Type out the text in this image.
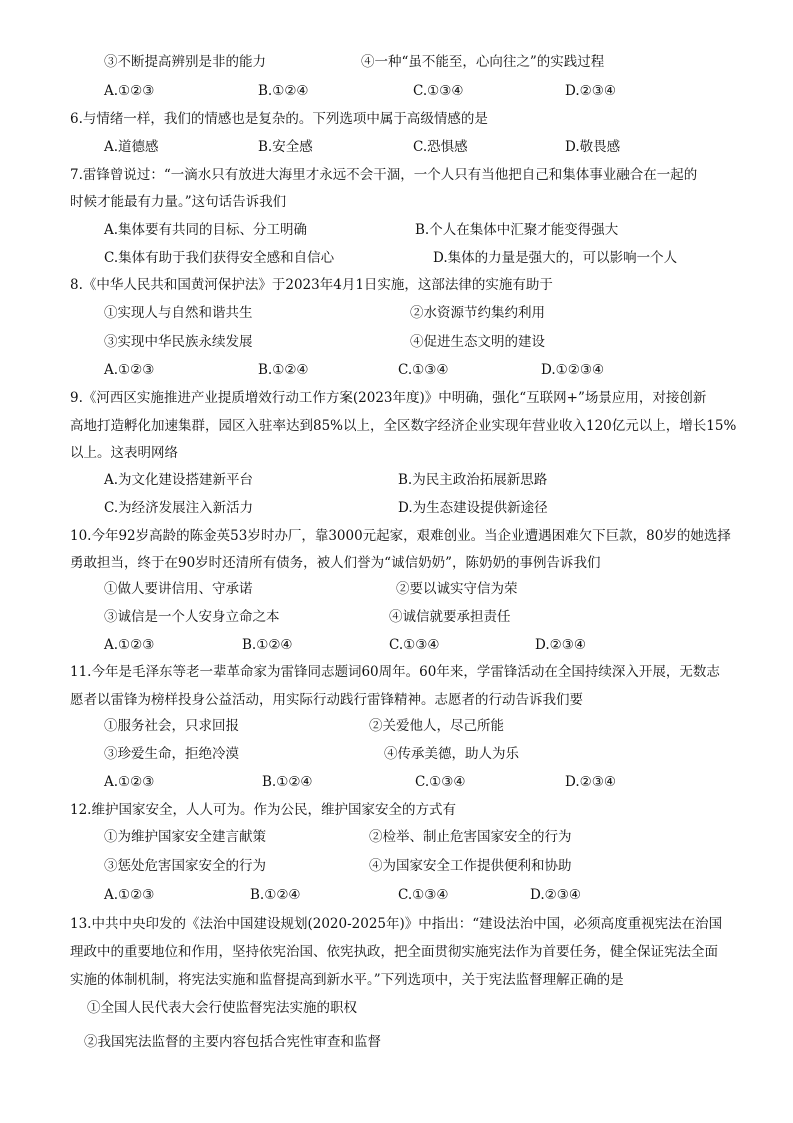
③不断提高辨别是非的能力	④一种“虽不能至，心向往之”的实践过程
A.①②③	B.①②④	C.①③④	D.②③④
6.与情绪一样，我们的情感也是复杂的。下列选项中属于高级情感的是
A.道德感	B.安全感	C.恐惧感	D.敬畏感
7.雷锋曾说过：“一滴水只有放进大海里才永远不会干涸，一个人只有当他把自己和集体事业融合在一起的
时候才能最有力量。”这句话告诉我们
A.集体要有共同的目标、分工明确	B.个人在集体中汇聚才能变得强大
C.集体有助于我们获得安全感和自信心	D.集体的力量是强大的，可以影响一个人
8.《中华人民共和国黄河保护法》于2023年4月1日实施，这部法律的实施有助于
①实现人与自然和谐共生	②水资源节约集约利用
③实现中华民族永续发展	④促进生态文明的建设
A.①②③	B.①②④	C.①③④	D.①②③④
9.《河西区实施推进产业提质增效行动工作方案(2023年度)》中明确，强化“互联网+”场景应用，对接创新
高地打造孵化加速集群，园区入驻率达到85%以上，全区数字经济企业实现年营业收入120亿元以上，增长15%
以上。这表明网络
A.为文化建设搭建新平台	B.为民主政治拓展新思路
C.为经济发展注入新活力	D.为生态建设提供新途径
10.今年92岁高龄的陈金英53岁时办厂，靠3000元起家，艰难创业。当企业遭遇困难欠下巨款，80岁的她选择
勇敢担当，终于在90岁时还清所有债务，被人们誉为“诚信奶奶”，陈奶奶的事例告诉我们
①做人要讲信用、守承诺	②要以诚实守信为荣
③诚信是一个人安身立命之本	④诚信就要承担责任
A.①②③	B.①②④	C.①③④	D.②③④
11.今年是毛泽东等老一辈革命家为雷锋同志题词60周年。60年来，学雷锋活动在全国持续深入开展，无数志
愿者以雷锋为榜样投身公益活动，用实际行动践行雷锋精神。志愿者的行动告诉我们要
①服务社会，只求回报	②关爱他人，尽己所能
③珍爱生命，拒绝冷漠	④传承美德，助人为乐
A.①②③	B.①②④	C.①③④	D.②③④
12.维护国家安全，人人可为。作为公民，维护国家安全的方式有
①为维护国家安全建言献策	②检举、制止危害国家安全的行为
③惩处危害国家安全的行为	④为国家安全工作提供便利和协助
A.①②③	B.①②④	C.①③④	D.②③④
13.中共中央印发的《法治中国建设规划(2020-2025年)》中指出：“建设法治中国，必须高度重视宪法在治国
理政中的重要地位和作用，坚持依宪治国、依宪执政，把全面贯彻实施宪法作为首要任务，健全保证宪法全面
实施的体制机制，将宪法实施和监督提高到新水平。”下列选项中，关于宪法监督理解正确的是
①全国人民代表大会行使监督宪法实施的职权
②我国宪法监督的主要内容包括合宪性审查和监督
